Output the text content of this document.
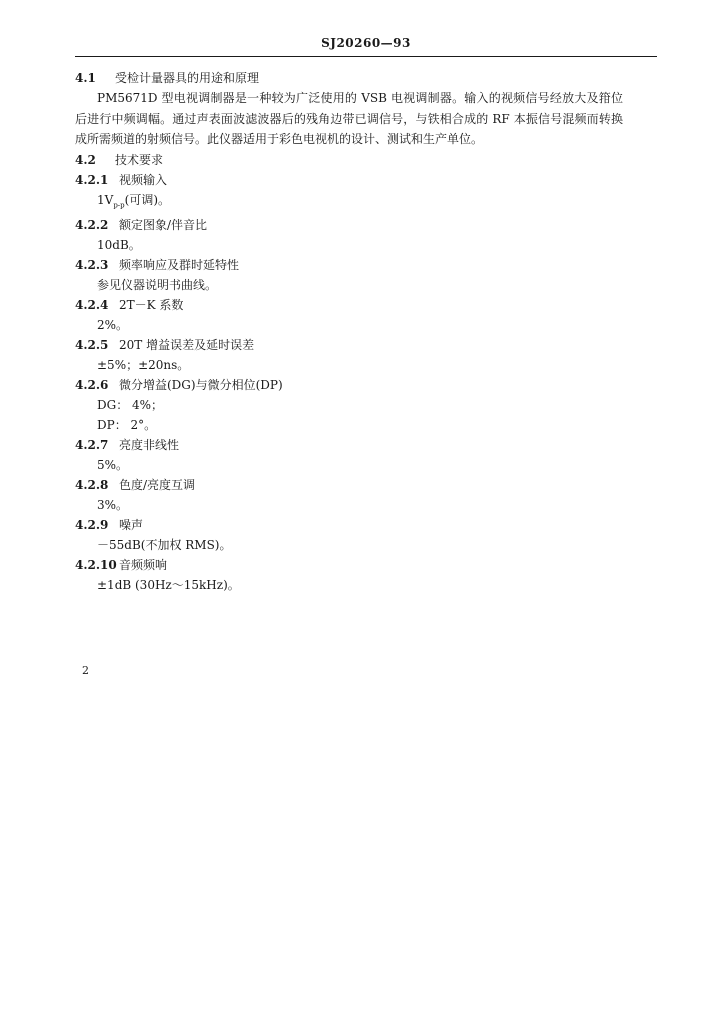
SJ20260—93
4.1 受检计量器具的用途和原理
PM5671D 型电视调制器是一种较为广泛使用的 VSB 电视调制器。输入的视频信号经放大及箝位后进行中频调幅。通过声表面波滤波器后的残角边带已调信号，与铁相合成的 RF 本振信号混频而转换成所需频道的射频信号。此仪器适用于彩色电视机的设计、测试和生产单位。
4.2 技术要求
4.2.1 视频输入
$1V_{p-p}$(可调)。
4.2.2 额定图象/伴音比
10dB。
4.2.3 频率响应及群时延特性
参见仪器说明书曲线。
4.2.4 2T－K 系数
2%。
4.2.5 20T 增益误差及延时误差
±5%；±20ns。
4.2.6 微分增益(DG)与微分相位(DP)
DG： 4%；
DP： 2°。
4.2.7 亮度非线性
5%。
4.2.8 色度/亮度互调
3%。
4.2.9 噪声
－55dB(不加权 RMS)。
4.2.10 音频频响
±1dB (30Hz～15kHz)。
2
